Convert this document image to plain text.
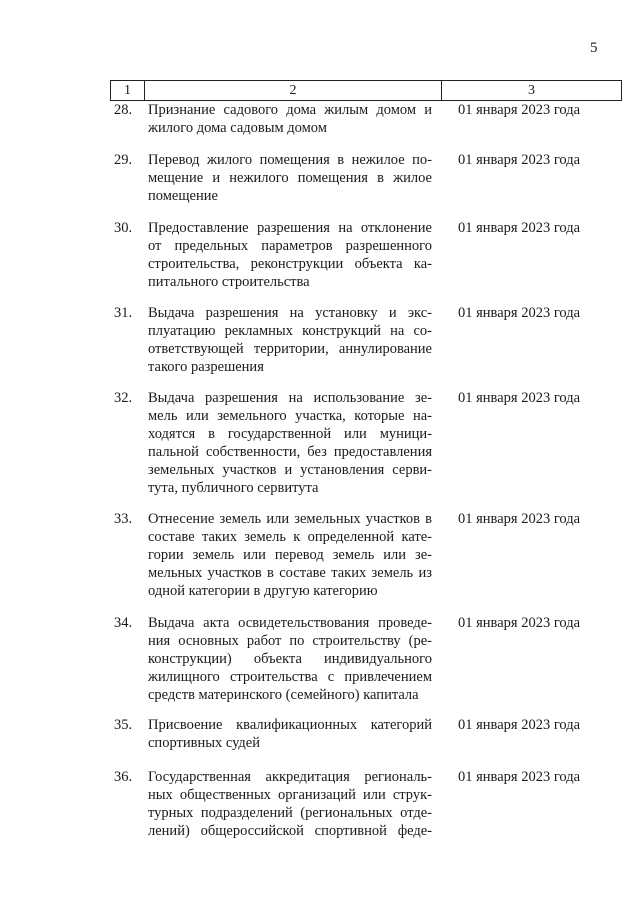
5
1	2	3
28. Признание садового дома жилым домом и
жилого дома садовым домом
01 января 2023 года
29. Перевод жилого помещения в нежилое по-
мещение и нежилого помещения в жилое
помещение
01 января 2023 года
30. Предоставление разрешения на отклонение
от предельных параметров разрешенного
строительства, реконструкции объекта ка-
питального строительства
01 января 2023 года
31. Выдача разрешения на установку и экс-
плуатацию рекламных конструкций на со-
ответствующей территории, аннулирование
такого разрешения
01 января 2023 года
32. Выдача разрешения на использование зе-
мель или земельного участка, которые на-
ходятся в государственной или муници-
пальной собственности, без предоставления
земельных участков и установления серви-
тута, публичного сервитута
01 января 2023 года
33. Отнесение земель или земельных участков в
составе таких земель к определенной кате-
гории земель или перевод земель или зе-
мельных участков в составе таких земель из
одной категории в другую категорию
01 января 2023 года
34. Выдача акта освидетельствования проведе-
ния основных работ по строительству (ре-
конструкции) объекта индивидуального
жилищного строительства с привлечением
средств материнского (семейного) капитала
01 января 2023 года
35. Присвоение квалификационных категорий
спортивных судей
01 января 2023 года
36. Государственная аккредитация региональ-
ных общественных организаций или струк-
турных подразделений (региональных отде-
лений) общероссийской спортивной феде-
01 января 2023 года
